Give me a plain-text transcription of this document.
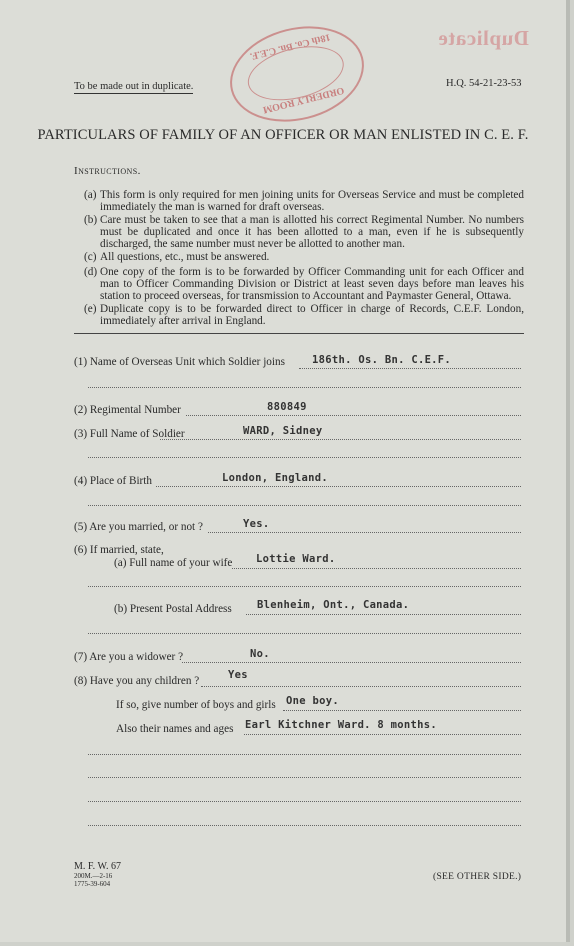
Duplicate
18th Co. Bn. C.E.F.
ORDERLY ROOM
To be made out in duplicate.	H.Q. 54-21-23-53
PARTICULARS OF FAMILY OF AN OFFICER OR MAN ENLISTED IN C. E. F.
Instructions.
(a) This form is only required for men joining units for Overseas Service and must be completed immediately the man is warned for draft overseas.
(b) Care must be taken to see that a man is allotted his correct Regimental Number. No numbers must be duplicated and once it has been allotted to a man, even if he is subsequently discharged, the same number must never be allotted to another man.
(c) All questions, etc., must be answered.
(d) One copy of the form is to be forwarded by Officer Commanding unit for each Officer and man to Officer Commanding Division or District at least seven days before man leaves his station to proceed overseas, for transmission to Accountant and Paymaster General, Ottawa.
(e) Duplicate copy is to be forwarded direct to Officer in charge of Records, C.E.F. London, immediately after arrival in England.
(1) Name of Overseas Unit which Soldier joins	186th. Os. Bn. C.E.F.
(2) Regimental Number	880849
(3) Full Name of Soldier	WARD, Sidney
(4) Place of Birth	London, England.
(5) Are you married, or not ?	Yes.
(6) If married, state,
(a) Full name of your wife Lottie Ward.
(b) Present Postal Address Blenheim, Ont., Canada.
(7) Are you a widower ?	No.
(8) Have you any children ?	Yes
If so, give number of boys and girls One boy.
Also their names and ages Earl Kitchner Ward. 8 months.
M. F. W. 67
200M.—2-16
1775-39-604
(SEE OTHER SIDE.)
